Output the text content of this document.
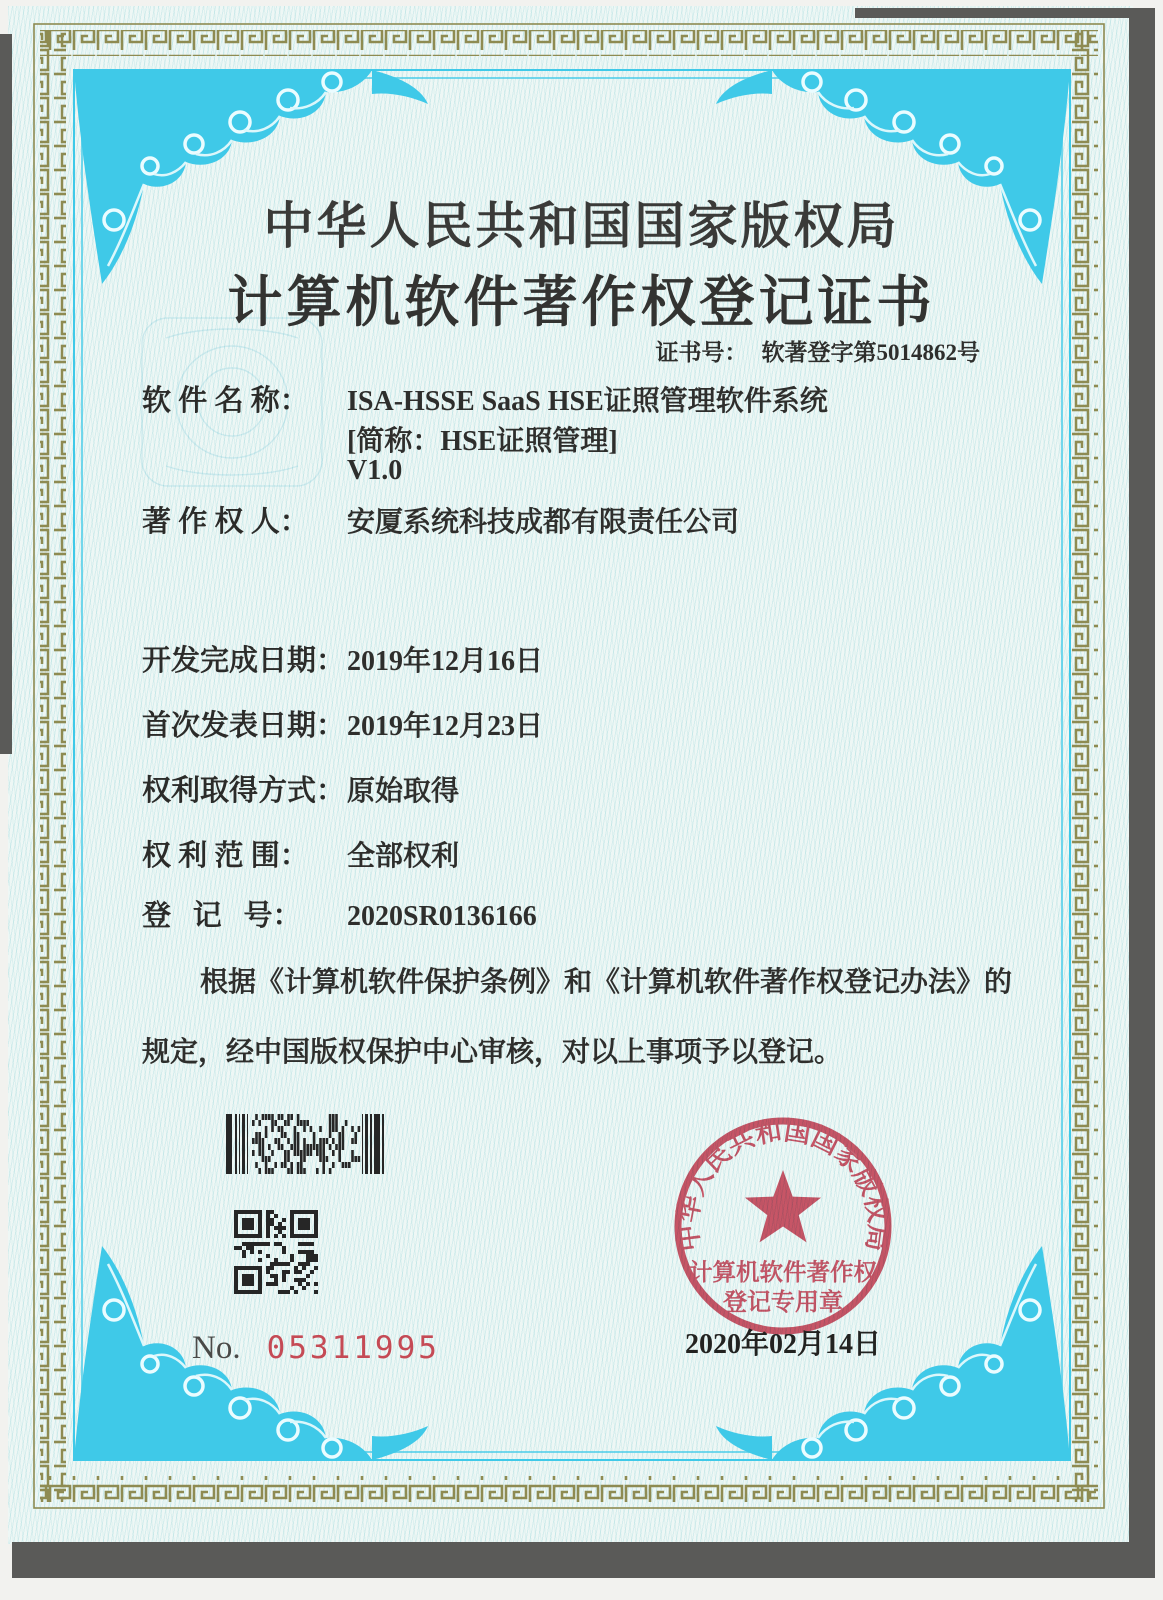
中华人民共和国国家版权局
计算机软件著作权登记证书
证书号： 软著登字第5014862号
软 件 名 称：	ISA-HSSE SaaS HSE证照管理软件系统
[简称：HSE证照管理]
V1.0
著 作 权 人：	安厦系统科技成都有限责任公司
开发完成日期： 2019年12月16日
首次发表日期： 2019年12月23日
权利取得方式： 原始取得
权 利 范 围：	全部权利
登   记   号：	2020SR0136166
根据《计算机软件保护条例》和《计算机软件著作权登记办法》的
规定，经中国版权保护中心审核，对以上事项予以登记。
No. 05311995
中华人民共和国国家版权局
计算机软件著作权
登记专用章
2020年02月14日
